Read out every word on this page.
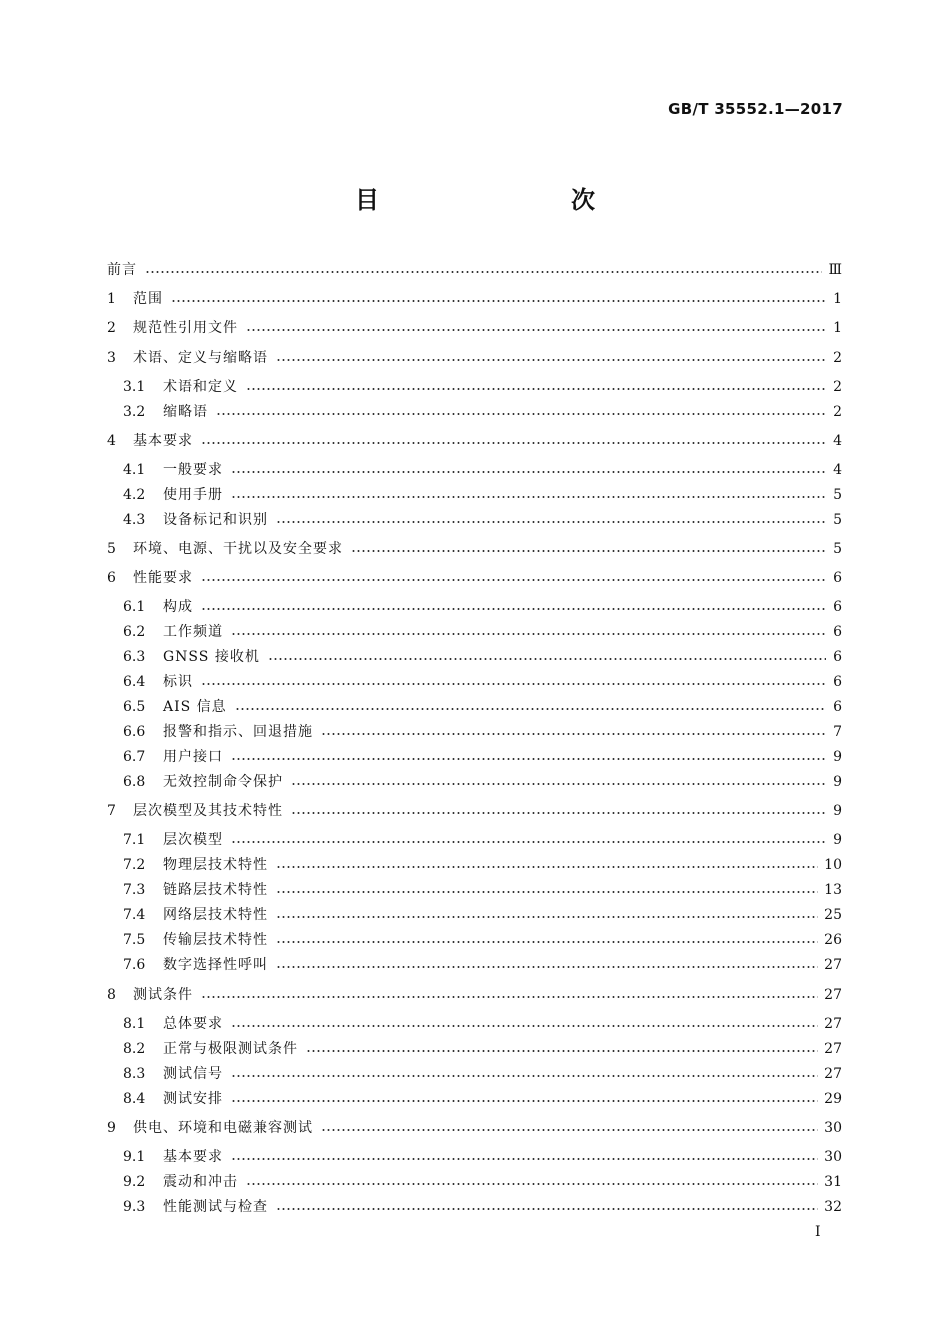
GB/T 35552.1—2017
目　　次
前言	Ⅲ
1	范围	1
2	规范性引用文件	1
3	术语、定义与缩略语	2
3.1	术语和定义	2
3.2	缩略语	2
4	基本要求	4
4.1	一般要求	4
4.2	使用手册	5
4.3	设备标记和识别	5
5	环境、电源、干扰以及安全要求	5
6	性能要求	6
6.1	构成	6
6.2	工作频道	6
6.3	GNSS 接收机	6
6.4	标识	6
6.5	AIS 信息	6
6.6	报警和指示、回退措施	7
6.7	用户接口	9
6.8	无效控制命令保护	9
7	层次模型及其技术特性	9
7.1	层次模型	9
7.2	物理层技术特性	10
7.3	链路层技术特性	13
7.4	网络层技术特性	25
7.5	传输层技术特性	26
7.6	数字选择性呼叫	27
8	测试条件	27
8.1	总体要求	27
8.2	正常与极限测试条件	27
8.3	测试信号	27
8.4	测试安排	29
9	供电、环境和电磁兼容测试	30
9.1	基本要求	30
9.2	震动和冲击	31
9.3	性能测试与检查	32
I
